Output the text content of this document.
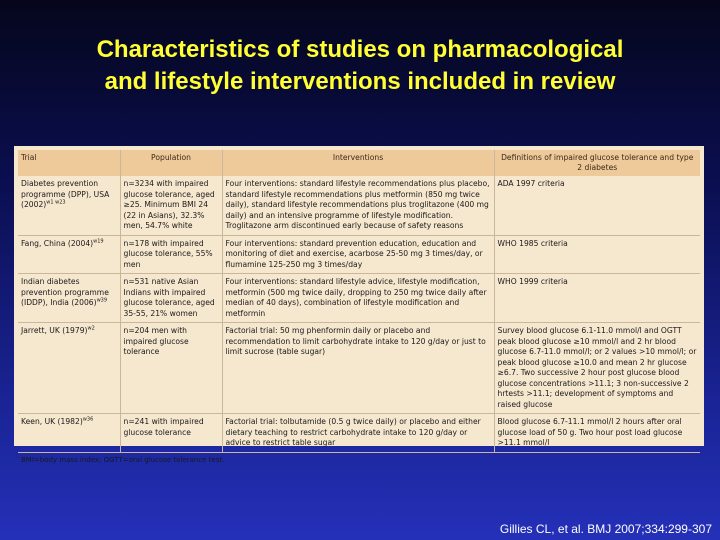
Characteristics of studies on pharmacological
and lifestyle interventions included in review
Trial	Population	Interventions	Definitions of impaired glucose tolerance and type 2 diabetes
Diabetes prevention programme (DPP), USA $(2002)^{w1 w23}$	n=3234 with impaired glucose tolerance, aged ≥25. Minimum BMI 24 (22 in Asians), 32.3% men, 54.7% white	Four interventions: standard lifestyle recommendations plus placebo, standard lifestyle recommendations plus metformin (850 mg twice daily), standard lifestyle recommendations plus troglitazone (400 mg daily) and an intensive programme of lifestyle modification. Troglitazone arm discontinued early because of safety reasons	ADA 1997 criteria
Fang, China $(2004)^{w19}$	n=178 with impaired glucose tolerance, 55% men	Four interventions: standard prevention education, education and monitoring of diet and exercise, acarbose 25-50 mg 3 times/day, or flumamine 125-250 mg 3 times/day	WHO 1985 criteria
Indian diabetes prevention programme (IDDP), India $(2006)^{w39}$	n=531 native Asian Indians with impaired glucose tolerance, aged 35-55, 21% women	Four interventions: standard lifestyle advice, lifestyle modification, metformin (500 mg twice daily, dropping to 250 mg twice daily after median of 40 days), combination of lifestyle modification and metformin	WHO 1999 criteria
Jarrett, UK $(1979)^{w2}$	n=204 men with impaired glucose tolerance	Factorial trial: 50 mg phenformin daily or placebo and recommendation to limit carbohydrate intake to 120 g/day or just to limit sucrose (table sugar)	Survey blood glucose 6.1-11.0 mmol/l and OGTT peak blood glucose ≥10 mmol/l and 2 hr blood glucose 6.7-11.0 mmol/l; or 2 values >10 mmol/l; or peak blood glucose ≥10.0 and mean 2 hr glucose ≥6.7. Two successive 2 hour post glucose blood glucose concentrations >11.1; 3 non-successive 2 hrtests >11.1; development of symptoms and raised glucose
Keen, UK $(1982)^{w36}$	n=241 with impaired glucose tolerance	Factorial trial: tolbutamide (0.5 g twice daily) or placebo and either dietary teaching to restrict carbohydrate intake to 120 g/day or advice to restrict table sugar	Blood glucose 6.7-11.1 mmol/l 2 hours after oral glucose load of 50 g. Two hour post load glucose >11.1 mmol/l
BMI=body mass index; OGTT=oral glucose tolerance test.
Gillies CL, et al. BMJ 2007;334:299-307
